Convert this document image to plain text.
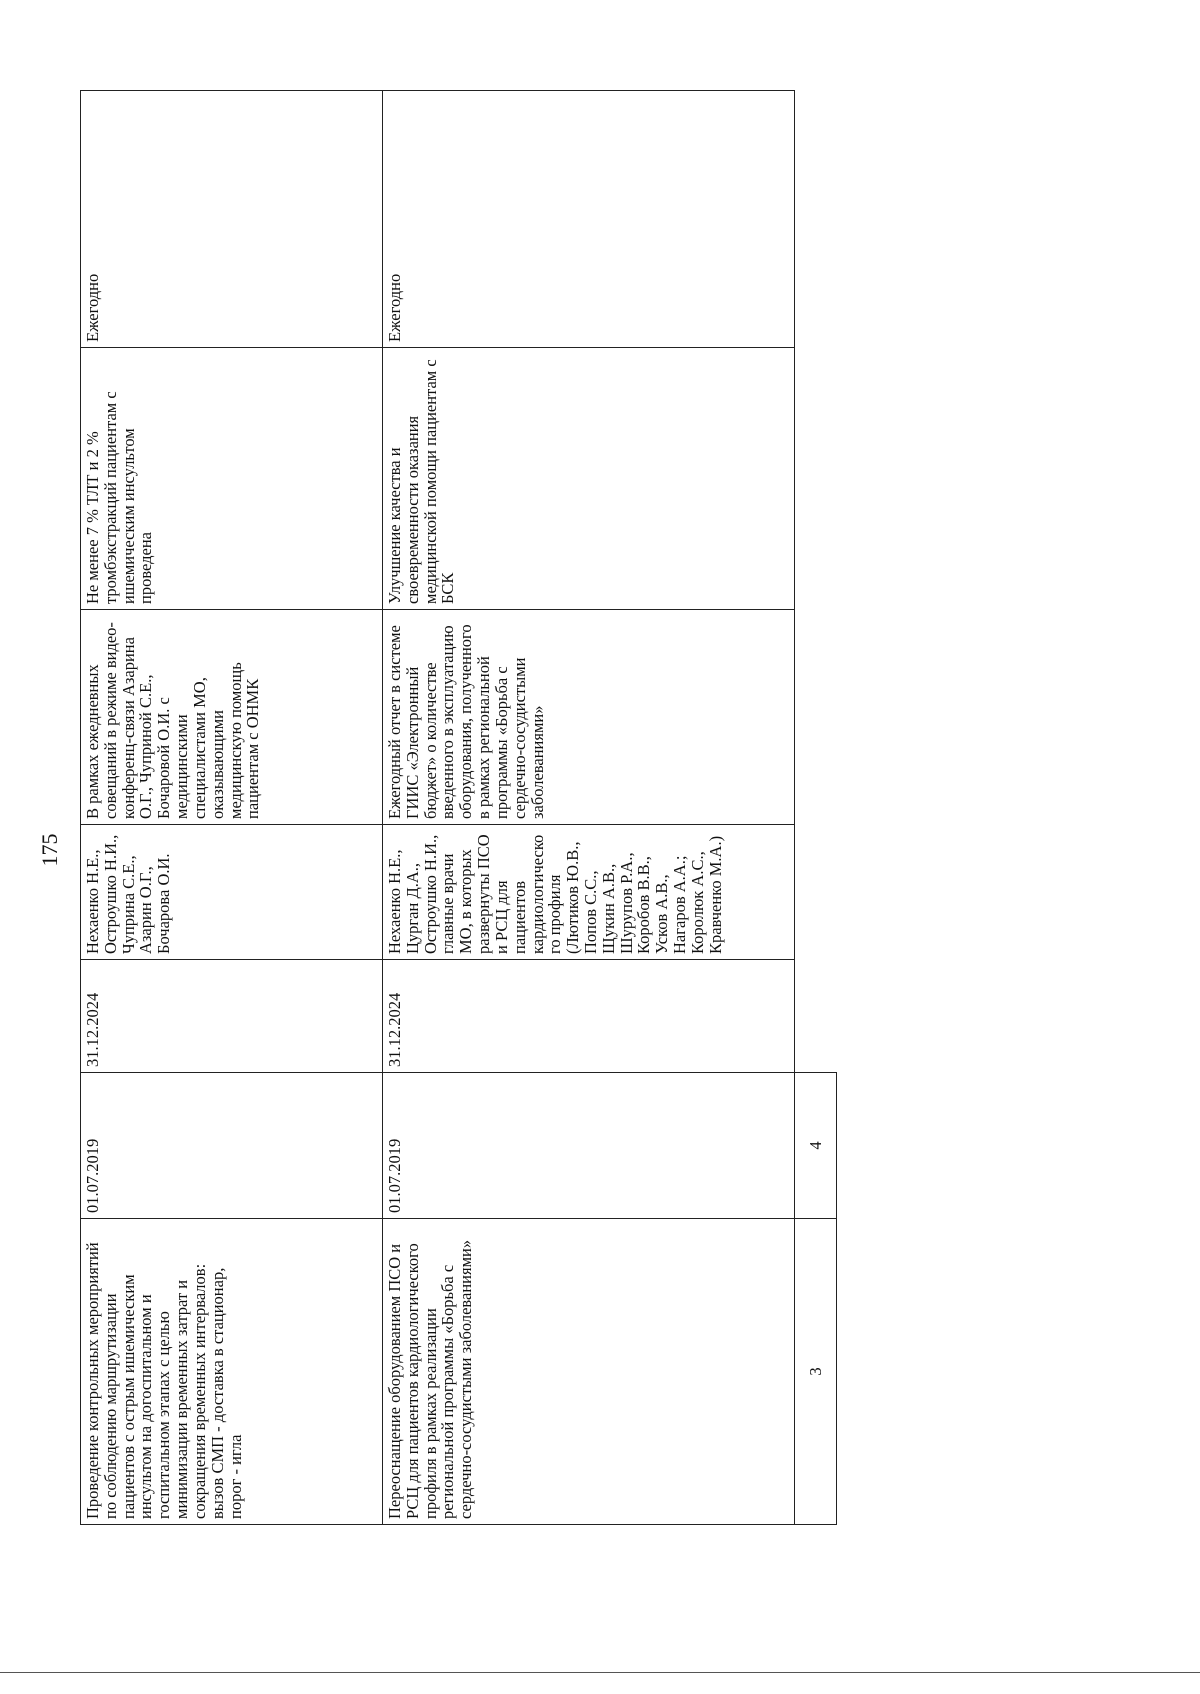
175
Проведение контрольных мероприятий по соблюдению маршрутизации пациентов с острым ишемическим инсультом на догоспитальном и госпитальном этапах с целью минимизации временных затрат и сокращения временных интервалов: вызов СМП - доставка в стационар, порог - игла	01.07.2019	31.12.2024	Нехаенко Н.Е., Остроушко Н.И., Чуприна С.Е., Азарин О.Г., Бочарова О.И.	В рамках ежедневных совещаний в режиме видео-конференц-связи Азарина О.Г., Чуприной С.Е., Бочаровой О.И. с медицинскими специалистами МО, оказывающими медицинскую помощь пациентам с ОНМК	Не менее 7 % ТЛТ и 2 % тромбэкстракций пациентам с ишемическим инсультом проведена	Ежегодно
Переоснащение оборудованием ПСО и РСЦ для пациентов кардиологического профиля в рамках реализации региональной программы «Борьба с сердечно-сосудистыми заболеваниями»	01.07.2019	31.12.2024	Нехаенко Н.Е., Цурган Д.А., Остроушко Н.И., главные врачи МО, в которых развернуты ПСО и РСЦ для пациентов кардиологического профиля (Лютиков Ю.В., Попов С.С., Щукин А.В., Шурупов Р.А., Коробов В.В., Усков А.В., Нагаров А.А.; Королюк А.С., Кравченко М.А.)	Ежегодный отчет в системе ГИИС «Электронный бюджет» о количестве введенного в эксплуатацию оборудования, полученного в рамках региональной программы «Борьба с сердечно-сосудистыми заболеваниями»	Улучшение качества и своевременности оказания медицинской помощи пациентам с БСК	Ежегодно
3	4					
